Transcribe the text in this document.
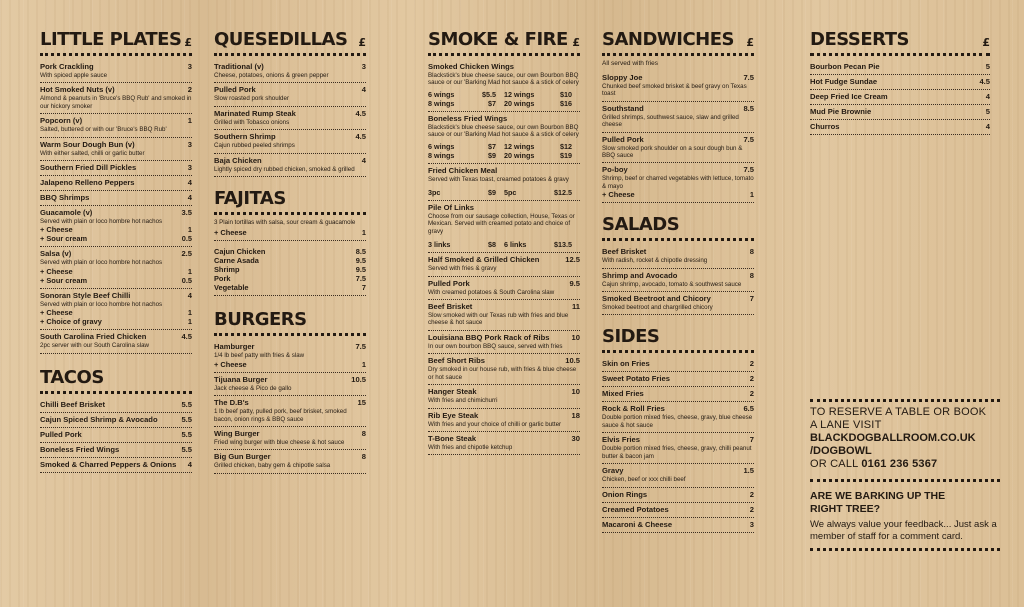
LITTLE PLATES £
Pork Crackling	3
With spiced apple sauce
Hot Smoked Nuts (v)	2
Almond & peanuts in 'Bruce's BBQ Rub' and smoked in our hickory smoker
Popcorn (v)	1
Salted, buttered or with our 'Bruce's BBQ Rub'
Warm Sour Dough Bun (v)	3
With either salted, chilli or garlic butter
Southern Fried Dill Pickles	3
Jalapeno Relleno Peppers	4
BBQ Shrimps	4
Guacamole (v)	3.5
Served with plain or loco hombre hot nachos
+ Cheese	1
+ Sour cream	0.5
Salsa (v)	2.5
Served with plain or loco hombre hot nachos
+ Cheese	1
+ Sour cream	0.5
Sonoran Style Beef Chilli	4
Served with plain or loco hombre hot nachos
+ Cheese	1
+ Choice of gravy	1
South Carolina Fried Chicken	4.5
2pc server with our South Carolina slaw
TACOS
Chilli Beef Brisket	5.5
Cajun Spiced Shrimp & Avocado	5.5
Pulled Pork	5.5
Boneless Fried Wings	5.5
Smoked & Charred Peppers & Onions	4
QUESEDILLAS £
Traditional (v)	3
Cheese, potatoes, onions & green pepper
Pulled Pork	4
Slow roasted pork shoulder
Marinated Rump Steak	4.5
Grilled with Tobasco onions
Southern Shrimp	4.5
Cajun rubbed peeled shrimps
Baja Chicken	4
Lightly spiced dry rubbed chicken, smoked & grilled
FAJITAS
3 Plain tortillas with salsa, sour cream & guacamole
+ Cheese	1
Cajun Chicken	8.5
Carne Asada	9.5
Shrimp	9.5
Pork	7.5
Vegetable	7
BURGERS
Hamburger	7.5
1/4 lb beef patty with fries & slaw
+ Cheese	1
Tijuana Burger	10.5
Jack cheese & Pico de gallo
The D.B's	15
1 lb beef patty, pulled pork, beef brisket, smoked bacon, onion rings & BBQ sauce
Wing Burger	8
Fried wing burger with blue cheese & hot sauce
Big Gun Burger	8
Grilled chicken, baby gem & chipotle salsa
SMOKE & FIRE £
Smoked Chicken Wings
Blackstick's blue cheese sauce, our own Bourbon BBQ sauce or our 'Barking Mad hot sauce & a stick of celery
6 wings	$5.5 12 wings	$10
8 wings	$7 20 wings	$16
Boneless Fried Wings
Blackstick's blue cheese sauce, our own Bourbon BBQ sauce or our 'Barking Mad hot sauce & a stick of celery
6 wings	$7 12 wings	$12
8 wings	$9 20 wings	$19
Fried Chicken Meal
Served with Texas toast, creamed potatoes & gravy
3pc	$9 5pc	$12.5
Pile Of Links
Choose from our sausage collection, House, Texas or Mexican. Served with creamed potato and choice of gravy
3 links	$8 6 links	$13.5
Half Smoked & Grilled Chicken	12.5
Served with fries & gravy
Pulled Pork	9.5
With creamed potatoes & South Carolina slaw
Beef Brisket	11
Slow smoked with our Texas rub with fries and blue cheese & hot sauce
Louisiana BBQ Pork Rack of Ribs	10
In our own bourbon BBQ sauce, served with fries
Beef Short Ribs	10.5
Dry smoked in our house rub, with fries & blue cheese or hot sauce
Hanger Steak	10
With fries and chimichurri
Rib Eye Steak	18
With fries and your choice of chilli or garlic butter
T-Bone Steak	30
With fries and chipotle ketchup
SANDWICHES £
All served with fries
Sloppy Joe	7.5
Chunked beef smoked brisket & beef gravy on Texas toast
Southstand	8.5
Grilled shrimps, southwest sauce, slaw and grilled cheese
Pulled Pork	7.5
Slow smoked pork shoulder on a sour dough bun & BBQ sauce
Po-boy	7.5
Shrimp, beef or charred vegetables with lettuce, tomato & mayo
+ Cheese	1
SALADS
Beef Brisket	8
With radish, rocket & chipotle dressing
Shrimp and Avocado	8
Cajun shrimp, avocado, tomato & southwest sauce
Smoked Beetroot and Chicory	7
Smoked beetroot and chargrilled chicory
SIDES
Skin on Fries	2
Sweet Potato Fries	2
Mixed Fries	2
Rock & Roll Fries	6.5
Double portion mixed fries, cheese, gravy, blue cheese sauce & hot sauce
Elvis Fries	7
Double portion mixed fries, cheese, gravy, chilli peanut butter & bacon jam
Gravy	1.5
Chicken, beef or xxx chilli beef
Onion Rings	2
Creamed Potatoes	2
Macaroni & Cheese	3
DESSERTS	£
Bourbon Pecan Pie	5
Hot Fudge Sundae	4.5
Deep Fried Ice Cream	4
Mud Pie Brownie	5
Churros	4
TO RESERVE A TABLE OR BOOK
A LANE VISIT
BLACKDOGBALLROOM.CO.UK
/DOGBOWL
OR CALL 0161 236 5367
ARE WE BARKING UP THE
RIGHT TREE?
We always value your feedback... Just ask a member of staff for a comment card.
